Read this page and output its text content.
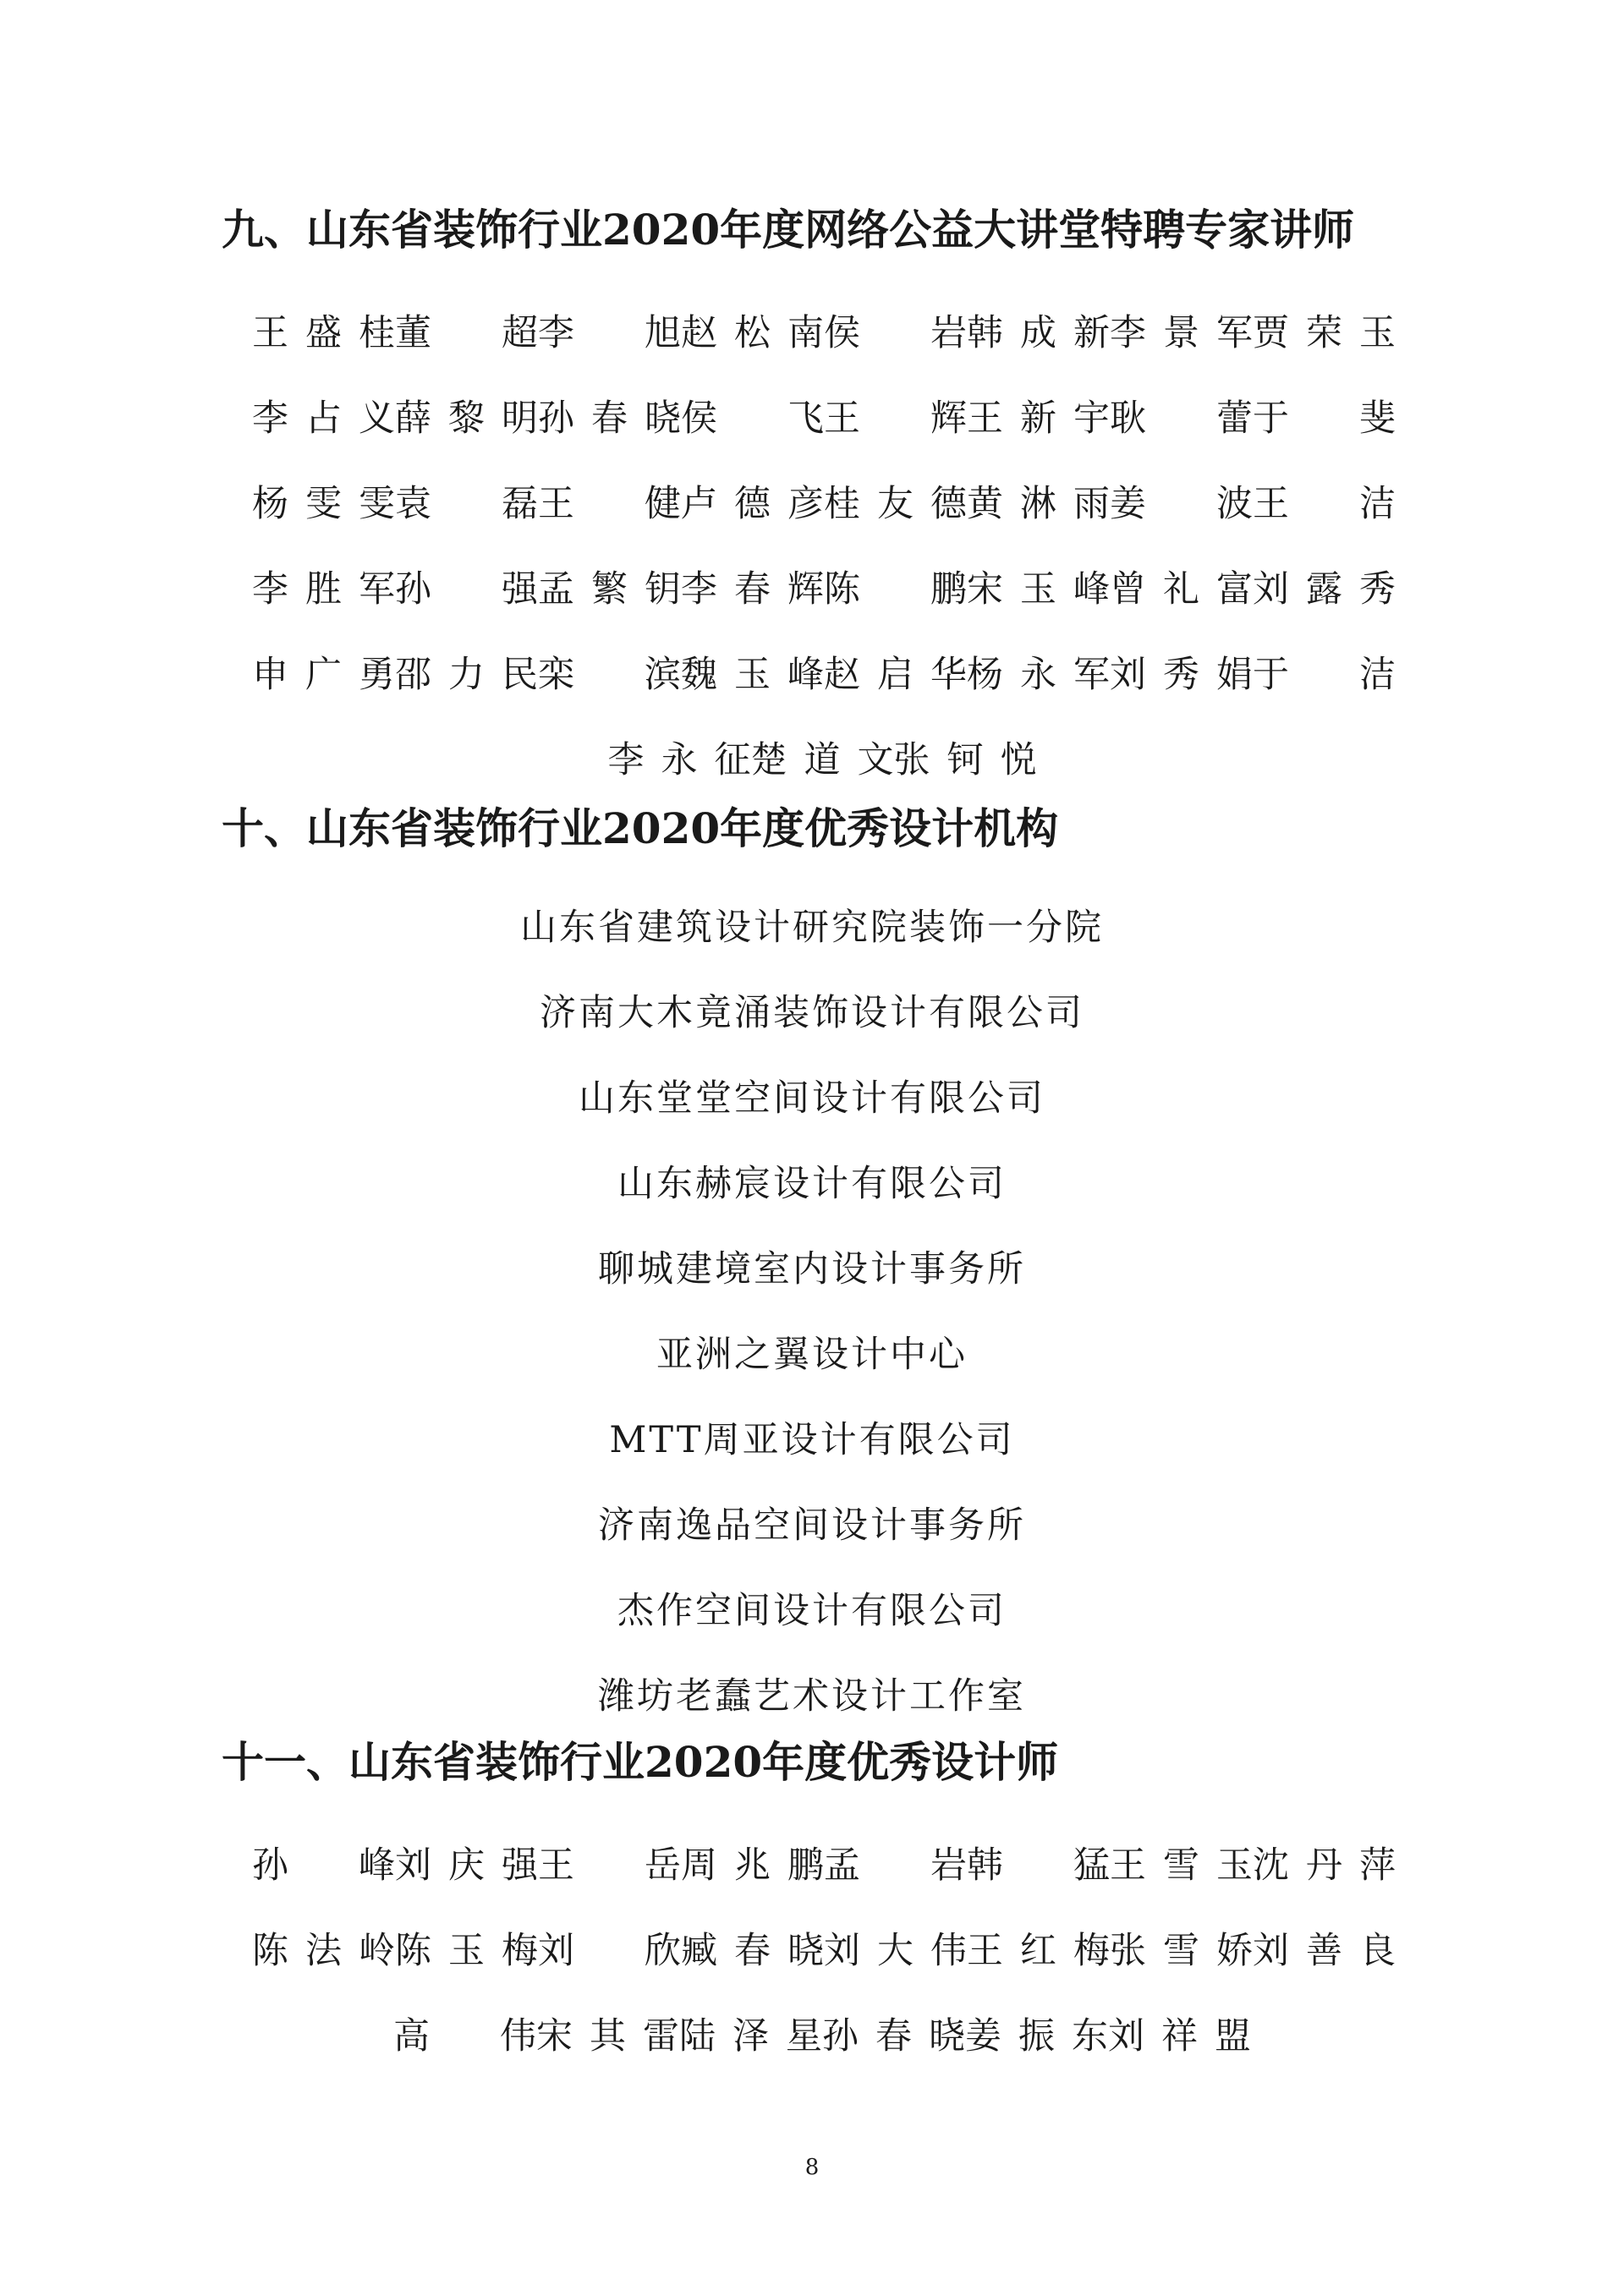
九、山东省装饰行业2020年度网络公益大讲堂特聘专家讲师
王 盛 桂 董 超 李 旭 赵 松 南 侯 岩 韩 成 新 李 景 军 贾 荣 玉
李 占 义 薛 黎 明 孙 春 晓 侯 飞 王 辉 王 新 宇 耿 蕾 于 斐
杨 雯 雯 袁 磊 王 健 卢 德 彦 桂 友 德 黄 淋 雨 姜 波 王 洁
李 胜 军 孙 强 孟 繁 钥 李 春 辉 陈 鹏 宋 玉 峰 曾 礼 富 刘 露 秀
申 广 勇 邵 力 民 栾 滨 魏 玉 峰 赵 启 华 杨 永 军 刘 秀 娟 于 洁
李 永 征 楚 道 文 张 钶 悦
十、山东省装饰行业2020年度优秀设计机构
山东省建筑设计研究院装饰一分院
济南大木竟涌装饰设计有限公司
山东堂堂空间设计有限公司
山东赫宸设计有限公司
聊城建境室内设计事务所
亚洲之翼设计中心
MTT周亚设计有限公司
济南逸品空间设计事务所
杰作空间设计有限公司
潍坊老蠢艺术设计工作室
十一、山东省装饰行业2020年度优秀设计师
孙 峰 刘 庆 强 王 岳 周 兆 鹏 孟 岩 韩 猛 王 雪 玉 沈 丹 萍
陈 法 岭 陈 玉 梅 刘 欣 臧 春 晓 刘 大 伟 王 红 梅 张 雪 娇 刘 善 良
高 伟 宋 其 雷 陆 泽 星 孙 春 晓 姜 振 东 刘 祥 盟
8
